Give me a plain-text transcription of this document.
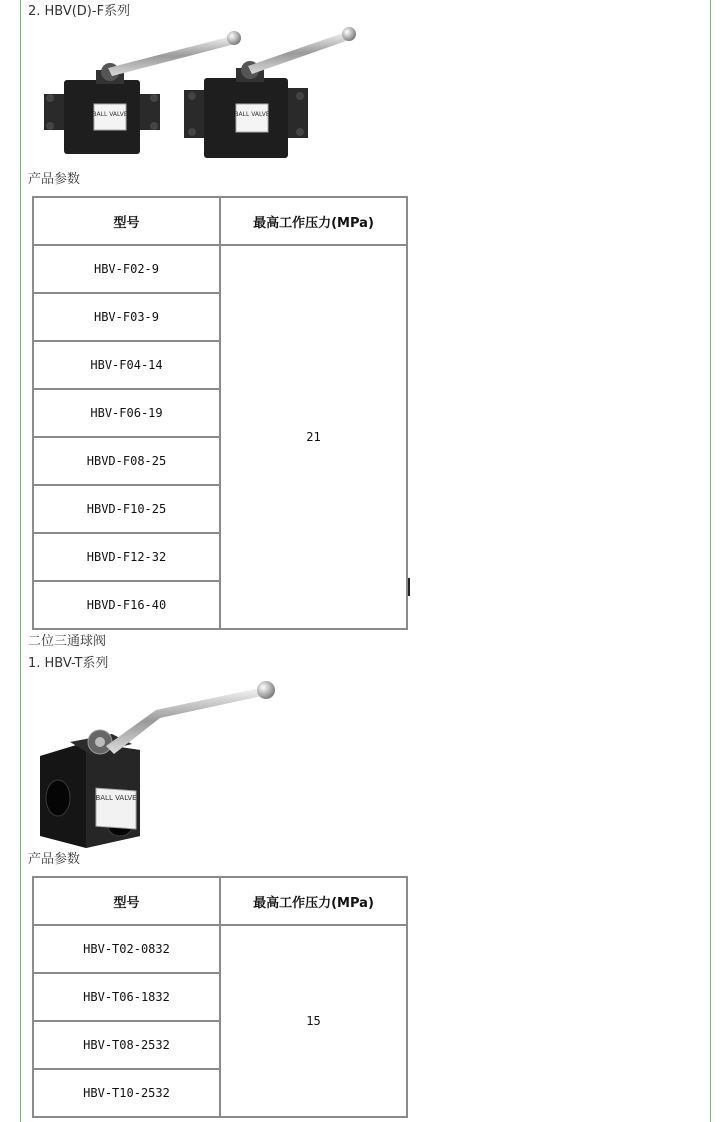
2. HBV(D)-F系列
BALL VALVE	BALL VALVE
产品参数
型号	最高工作压力(MPa)
HBV-F02-9	21
HBV-F03-9	
HBV-F04-14	
HBV-F06-19	
HBVD-F08-25	
HBVD-F10-25	
HBVD-F12-32	
HBVD-F16-40	
二位三通球阀
1. HBV-T系列
BALL VALVE
产品参数
型号	最高工作压力(MPa)
HBV-T02-0832	15
HBV-T06-1832	
HBV-T08-2532	
HBV-T10-2532	
